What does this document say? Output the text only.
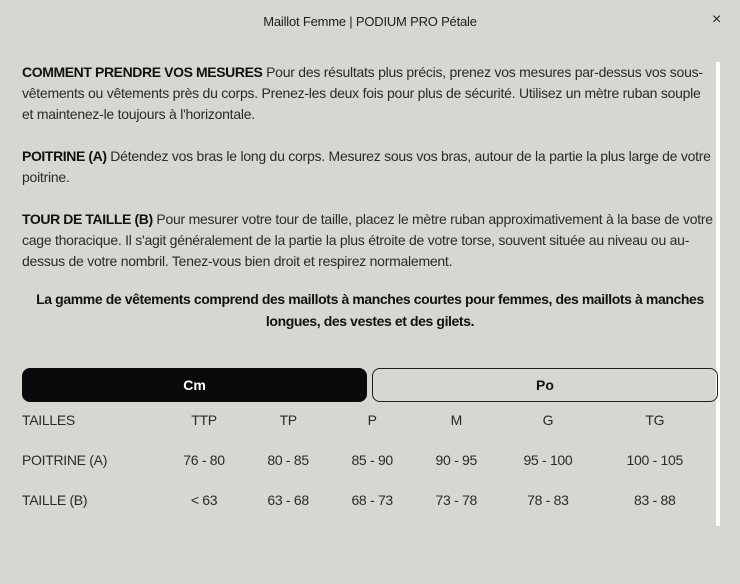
Maillot Femme | PODIUM PRO Pétale	×

COMMENT PRENDRE VOS MESURES Pour des résultats plus précis, prenez vos mesures par-dessus vos sous-vêtements ou vêtements près du corps. Prenez-les deux fois pour plus de sécurité. Utilisez un mètre ruban souple et maintenez-le toujours à l'horizontale.

POITRINE (A) Détendez vos bras le long du corps. Mesurez sous vos bras, autour de la partie la plus large de votre poitrine.

TOUR DE TAILLE (B) Pour mesurer votre tour de taille, placez le mètre ruban approximativement à la base de votre cage thoracique. Il s'agit généralement de la partie la plus étroite de votre torse, souvent située au niveau ou au-dessus de votre nombril. Tenez-vous bien droit et respirez normalement.

La gamme de vêtements comprend des maillots à manches courtes pour femmes, des maillots à manches longues, des vestes et des gilets.
Cm	Po
TAILLES	TTP	TP	P	M	G	TG
POITRINE (A)	76 - 80	80 - 85	85 - 90	90 - 95	95 - 100	100 - 105
TAILLE (B)	< 63	63 - 68	68 - 73	73 - 78	78 - 83	83 - 88
